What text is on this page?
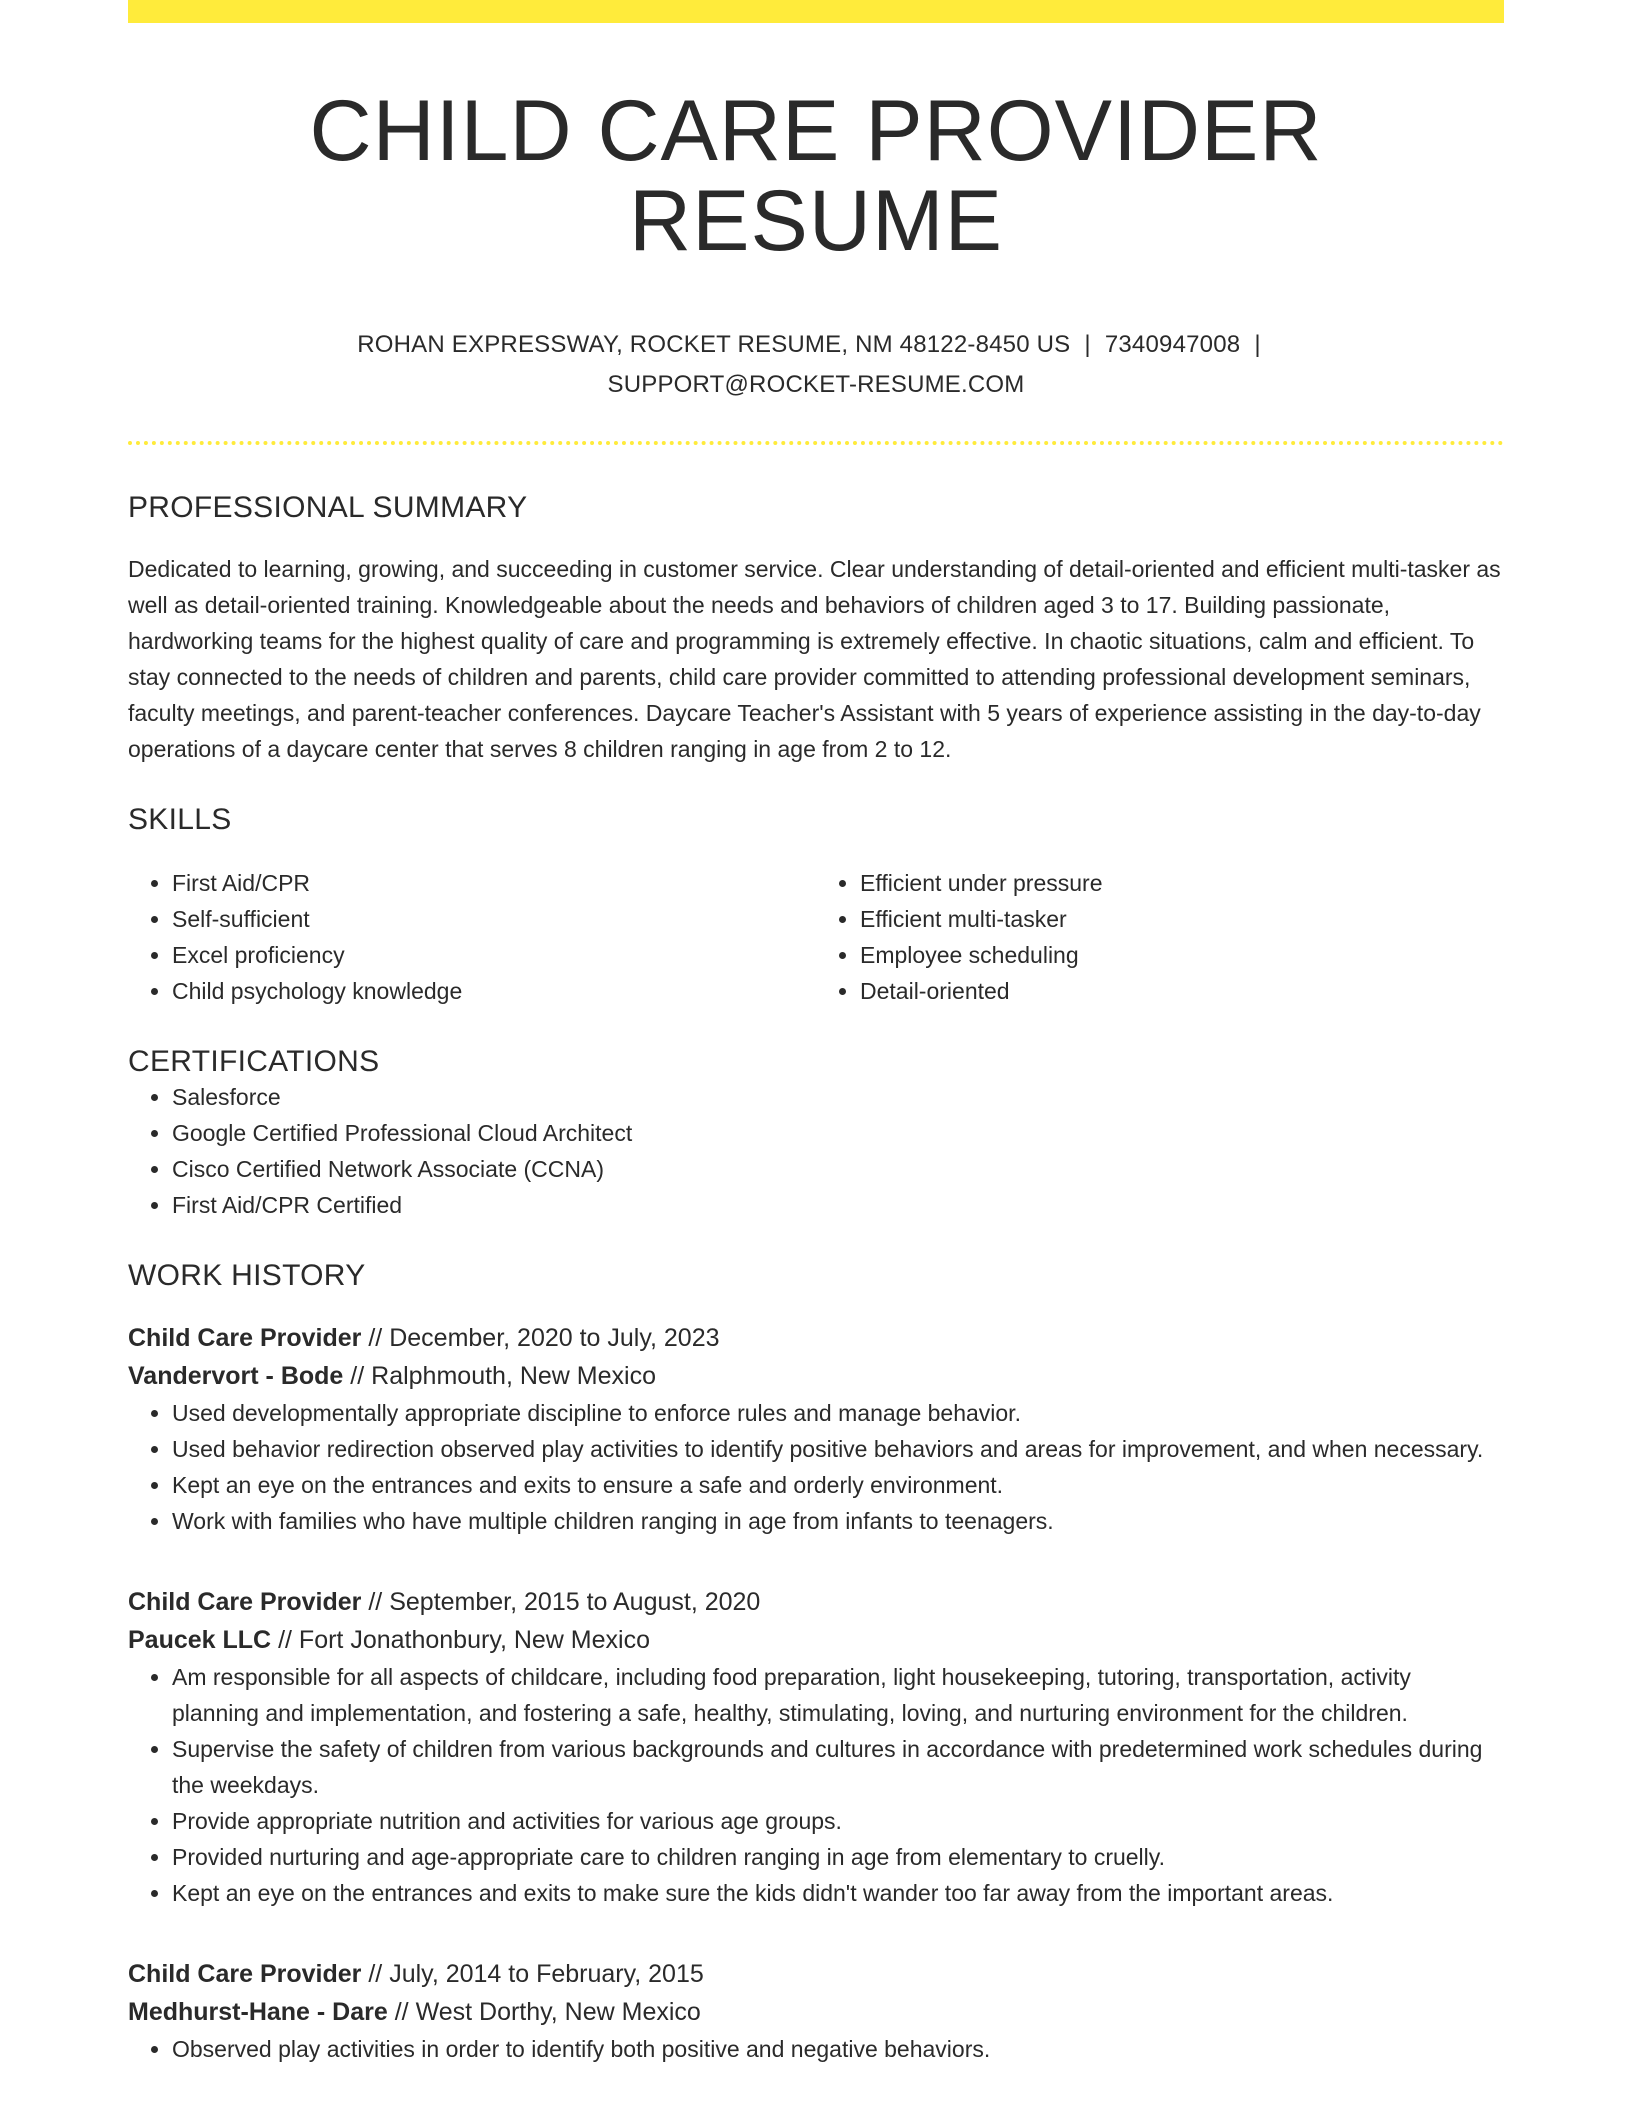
CHILD CARE PROVIDER RESUME
ROHAN EXPRESSWAY, ROCKET RESUME, NM 48122-8450 US | 7340947008 |
SUPPORT@ROCKET-RESUME.COM
PROFESSIONAL SUMMARY

Dedicated to learning, growing, and succeeding in customer service. Clear understanding of detail-oriented and efficient multi-tasker as well as detail-oriented training. Knowledgeable about the needs and behaviors of children aged 3 to 17. Building passionate, hardworking teams for the highest quality of care and programming is extremely effective. In chaotic situations, calm and efficient. To stay connected to the needs of children and parents, child care provider committed to attending professional development seminars, faculty meetings, and parent-teacher conferences. Daycare Teacher's Assistant with 5 years of experience assisting in the day-to-day operations of a daycare center that serves 8 children ranging in age from 2 to 12.

SKILLS
• First Aid/CPR
• Self-sufficient
• Excel proficiency
• Child psychology knowledge
• Efficient under pressure
• Efficient multi-tasker
• Employee scheduling
• Detail-oriented
CERTIFICATIONS
• Salesforce
• Google Certified Professional Cloud Architect
• Cisco Certified Network Associate (CCNA)
• First Aid/CPR Certified
WORK HISTORY
Child Care Provider // December, 2020 to July, 2023
Vandervort - Bode // Ralphmouth, New Mexico
• Used developmentally appropriate discipline to enforce rules and manage behavior.
• Used behavior redirection observed play activities to identify positive behaviors and areas for improvement, and when necessary.
• Kept an eye on the entrances and exits to ensure a safe and orderly environment.
• Work with families who have multiple children ranging in age from infants to teenagers.
Child Care Provider // September, 2015 to August, 2020
Paucek LLC // Fort Jonathonbury, New Mexico
• Am responsible for all aspects of childcare, including food preparation, light housekeeping, tutoring, transportation, activity planning and implementation, and fostering a safe, healthy, stimulating, loving, and nurturing environment for the children.
• Supervise the safety of children from various backgrounds and cultures in accordance with predetermined work schedules during the weekdays.
• Provide appropriate nutrition and activities for various age groups.
• Provided nurturing and age-appropriate care to children ranging in age from elementary to cruelly.
• Kept an eye on the entrances and exits to make sure the kids didn't wander too far away from the important areas.
Child Care Provider // July, 2014 to February, 2015
Medhurst-Hane - Dare // West Dorthy, New Mexico
• Observed play activities in order to identify both positive and negative behaviors.
